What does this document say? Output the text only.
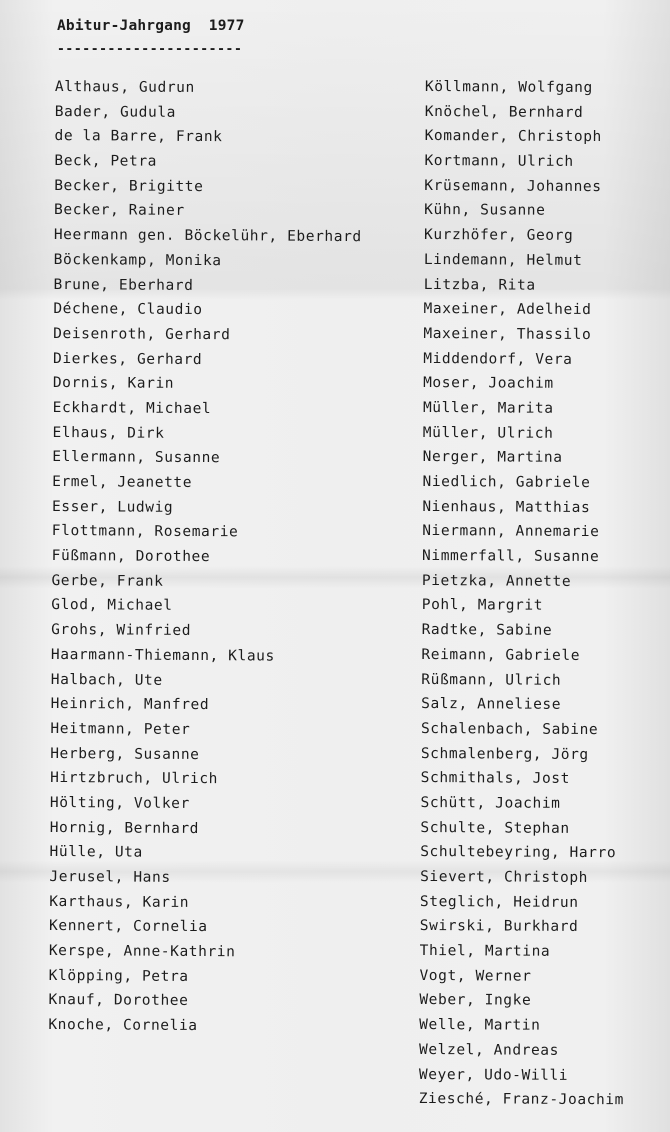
Abitur-Jahrgang  1977
----------------------
Althaus, Gudrun
Bader, Gudula
de la Barre, Frank
Beck, Petra
Becker, Brigitte
Becker, Rainer
Heermann gen. Böckelühr, Eberhard
Böckenkamp, Monika
Brune, Eberhard
Déchene, Claudio
Deisenroth, Gerhard
Dierkes, Gerhard
Dornis, Karin
Eckhardt, Michael
Elhaus, Dirk
Ellermann, Susanne
Ermel, Jeanette
Esser, Ludwig
Flottmann, Rosemarie
Füßmann, Dorothee
Gerbe, Frank
Glod, Michael
Grohs, Winfried
Haarmann-Thiemann, Klaus
Halbach, Ute
Heinrich, Manfred
Heitmann, Peter
Herberg, Susanne
Hirtzbruch, Ulrich
Hölting, Volker
Hornig, Bernhard
Hülle, Uta
Jerusel, Hans
Karthaus, Karin
Kennert, Cornelia
Kerspe, Anne-Kathrin
Klöpping, Petra
Knauf, Dorothee
Knoche, Cornelia
Köllmann, Wolfgang
Knöchel, Bernhard
Komander, Christoph
Kortmann, Ulrich
Krüsemann, Johannes
Kühn, Susanne
Kurzhöfer, Georg
Lindemann, Helmut
Litzba, Rita
Maxeiner, Adelheid
Maxeiner, Thassilo
Middendorf, Vera
Moser, Joachim
Müller, Marita
Müller, Ulrich
Nerger, Martina
Niedlich, Gabriele
Nienhaus, Matthias
Niermann, Annemarie
Nimmerfall, Susanne
Pietzka, Annette
Pohl, Margrit
Radtke, Sabine
Reimann, Gabriele
Rüßmann, Ulrich
Salz, Anneliese
Schalenbach, Sabine
Schmalenberg, Jörg
Schmithals, Jost
Schütt, Joachim
Schulte, Stephan
Schultebeyring, Harro
Sievert, Christoph
Steglich, Heidrun
Swirski, Burkhard
Thiel, Martina
Vogt, Werner
Weber, Ingke
Welle, Martin
Welzel, Andreas
Weyer, Udo-Willi
Ziesché, Franz-Joachim
